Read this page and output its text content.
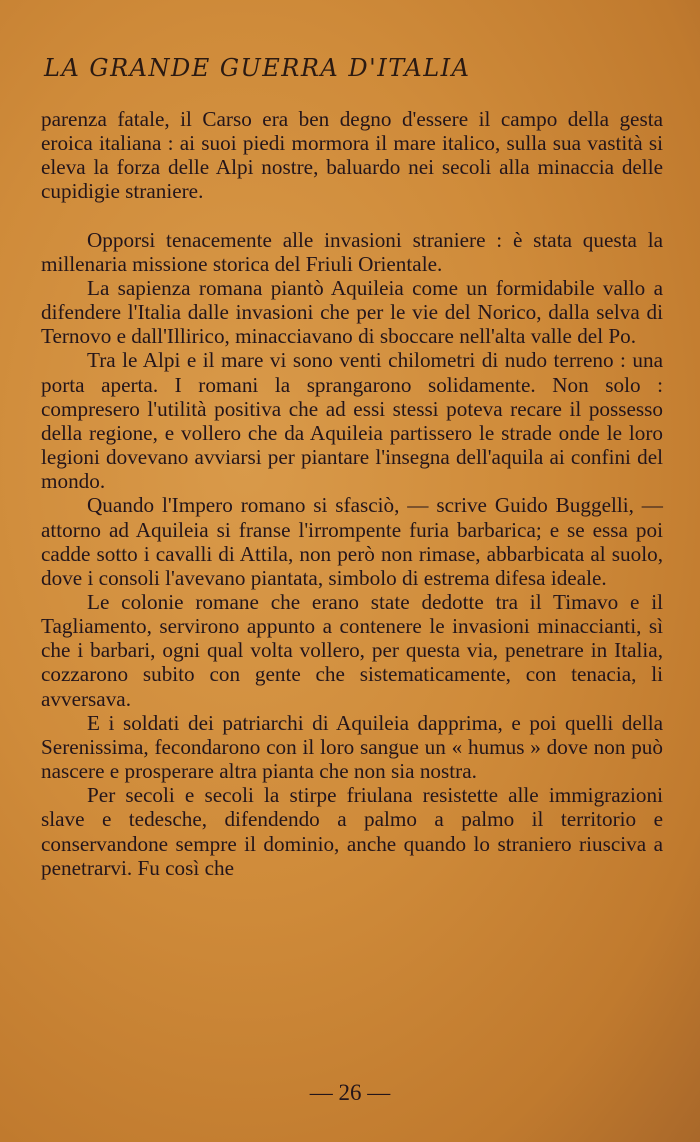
LA GRANDE GUERRA D'ITALIA

parenza fatale, il Carso era ben degno d'essere il campo della gesta eroica italiana : ai suoi piedi mormora il mare italico, sulla sua vastità si eleva la forza delle Alpi nostre, baluardo nei secoli alla minaccia delle cupidigie straniere.

Opporsi tenacemente alle invasioni straniere : è stata questa la millenaria missione storica del Friuli Orientale.

La sapienza romana piantò Aquileia come un formidabile vallo a difendere l'Italia dalle invasioni che per le vie del Norico, dalla selva di Ternovo e dall'Illirico, minacciavano di sboccare nell'alta valle del Po.

Tra le Alpi e il mare vi sono venti chilometri di nudo terreno : una porta aperta. I romani la sprangarono solidamente. Non solo : compresero l'utilità positiva che ad essi stessi poteva recare il possesso della regione, e vollero che da Aquileia partissero le strade onde le loro legioni dovevano avviarsi per piantare l'insegna dell'aquila ai confini del mondo.

Quando l'Impero romano si sfasciò, — scrive Guido Buggelli, — attorno ad Aquileia si franse l'irrompente furia barbarica; e se essa poi cadde sotto i cavalli di Attila, non però non rimase, abbarbicata al suolo, dove i consoli l'avevano piantata, simbolo di estrema difesa ideale.

Le colonie romane che erano state dedotte tra il Timavo e il Tagliamento, servirono appunto a contenere le invasioni minaccianti, sì che i barbari, ogni qual volta vollero, per questa via, penetrare in Italia, cozzarono subito con gente che sistematicamente, con tenacia, li avversava.

E i soldati dei patriarchi di Aquileia dapprima, e poi quelli della Serenissima, fecondarono con il loro sangue un « humus » dove non può nascere e prosperare altra pianta che non sia nostra.

Per secoli e secoli la stirpe friulana resistette alle immigrazioni slave e tedesche, difendendo a palmo a palmo il territorio e conservandone sempre il dominio, anche quando lo straniero riusciva a penetrarvi. Fu così che

— 26 —
